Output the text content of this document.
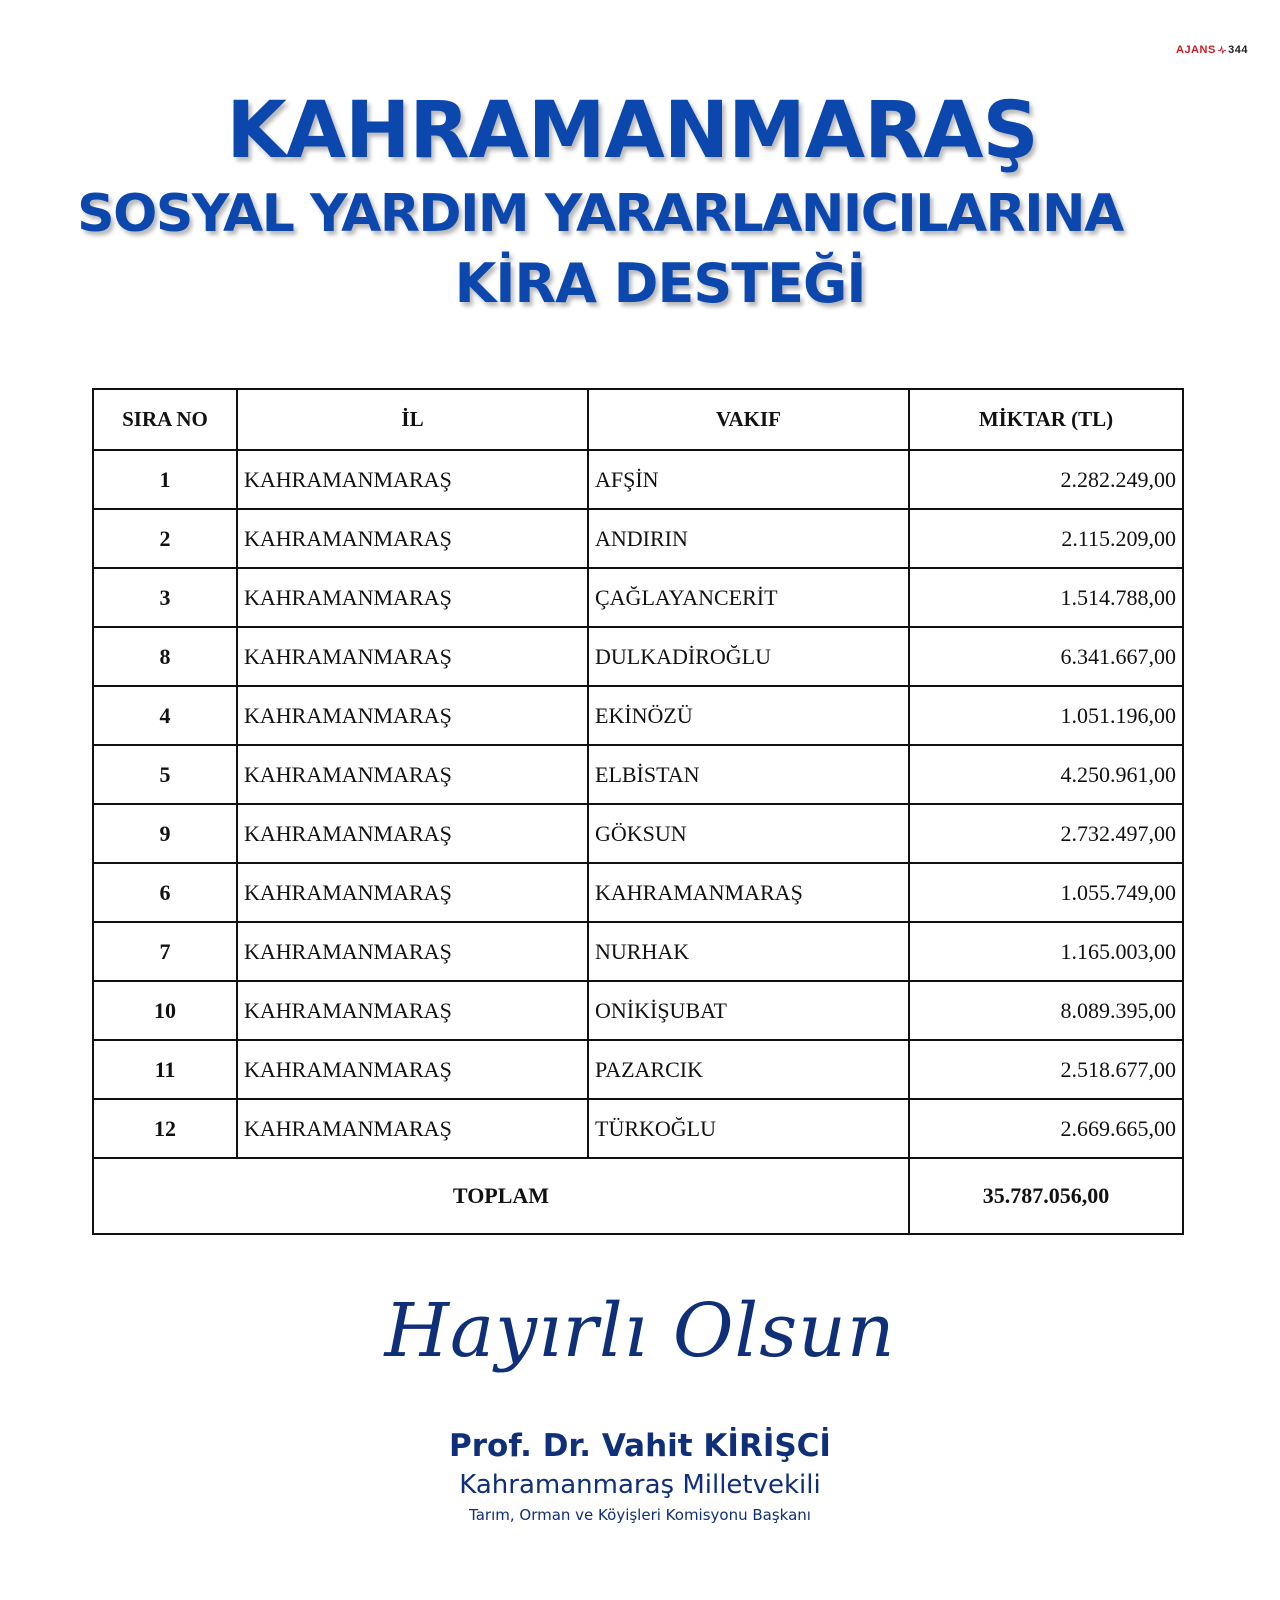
AJANS 344
KAHRAMANMARAŞ
SOSYAL YARDIM YARARLANICILARINA
KİRA DESTEĞİ
SIRA NO	İL	VAKIF	MİKTAR (TL)
1	KAHRAMANMARAŞ	AFŞİN	2.282.249,00
2	KAHRAMANMARAŞ	ANDIRIN	2.115.209,00
3	KAHRAMANMARAŞ	ÇAĞLAYANCERİT	1.514.788,00
8	KAHRAMANMARAŞ	DULKADİROĞLU	6.341.667,00
4	KAHRAMANMARAŞ	EKİNÖZÜ	1.051.196,00
5	KAHRAMANMARAŞ	ELBİSTAN	4.250.961,00
9	KAHRAMANMARAŞ	GÖKSUN	2.732.497,00
6	KAHRAMANMARAŞ	KAHRAMANMARAŞ	1.055.749,00
7	KAHRAMANMARAŞ	NURHAK	1.165.003,00
10	KAHRAMANMARAŞ	ONİKİŞUBAT	8.089.395,00
11	KAHRAMANMARAŞ	PAZARCIK	2.518.677,00
12	KAHRAMANMARAŞ	TÜRKOĞLU	2.669.665,00
TOPLAM			35.787.056,00
Hayırlı Olsun
Prof. Dr. Vahit KİRİŞCİ
Kahramanmaraş Milletvekili
Tarım, Orman ve Köyişleri Komisyonu Başkanı
